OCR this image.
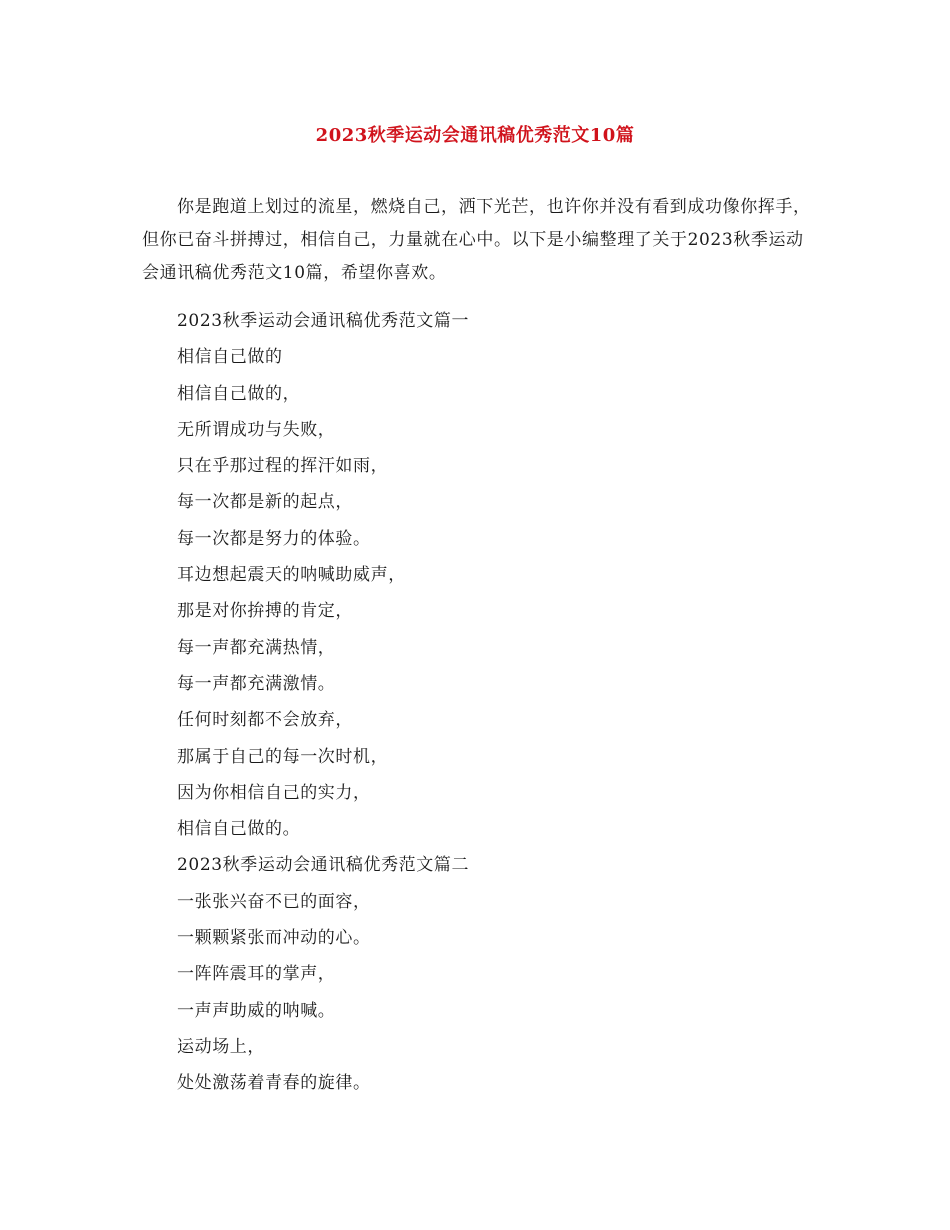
2023秋季运动会通讯稿优秀范文10篇

你是跑道上划过的流星，燃烧自己，洒下光芒，也许你并没有看到成功像你挥手，但你已奋斗拼搏过，相信自己，力量就在心中。以下是小编整理了关于2023秋季运动会通讯稿优秀范文10篇，希望你喜欢。

2023秋季运动会通讯稿优秀范文篇一
相信自己做的
相信自己做的，
无所谓成功与失败，
只在乎那过程的挥汗如雨，
每一次都是新的起点，
每一次都是努力的体验。
耳边想起震天的呐喊助威声，
那是对你拚搏的肯定，
每一声都充满热情，
每一声都充满激情。
任何时刻都不会放弃，
那属于自己的每一次时机，
因为你相信自己的实力，
相信自己做的。
2023秋季运动会通讯稿优秀范文篇二
一张张兴奋不已的面容，
一颗颗紧张而冲动的心。
一阵阵震耳的掌声，
一声声助威的呐喊。
运动场上，
处处激荡着青春的旋律。
